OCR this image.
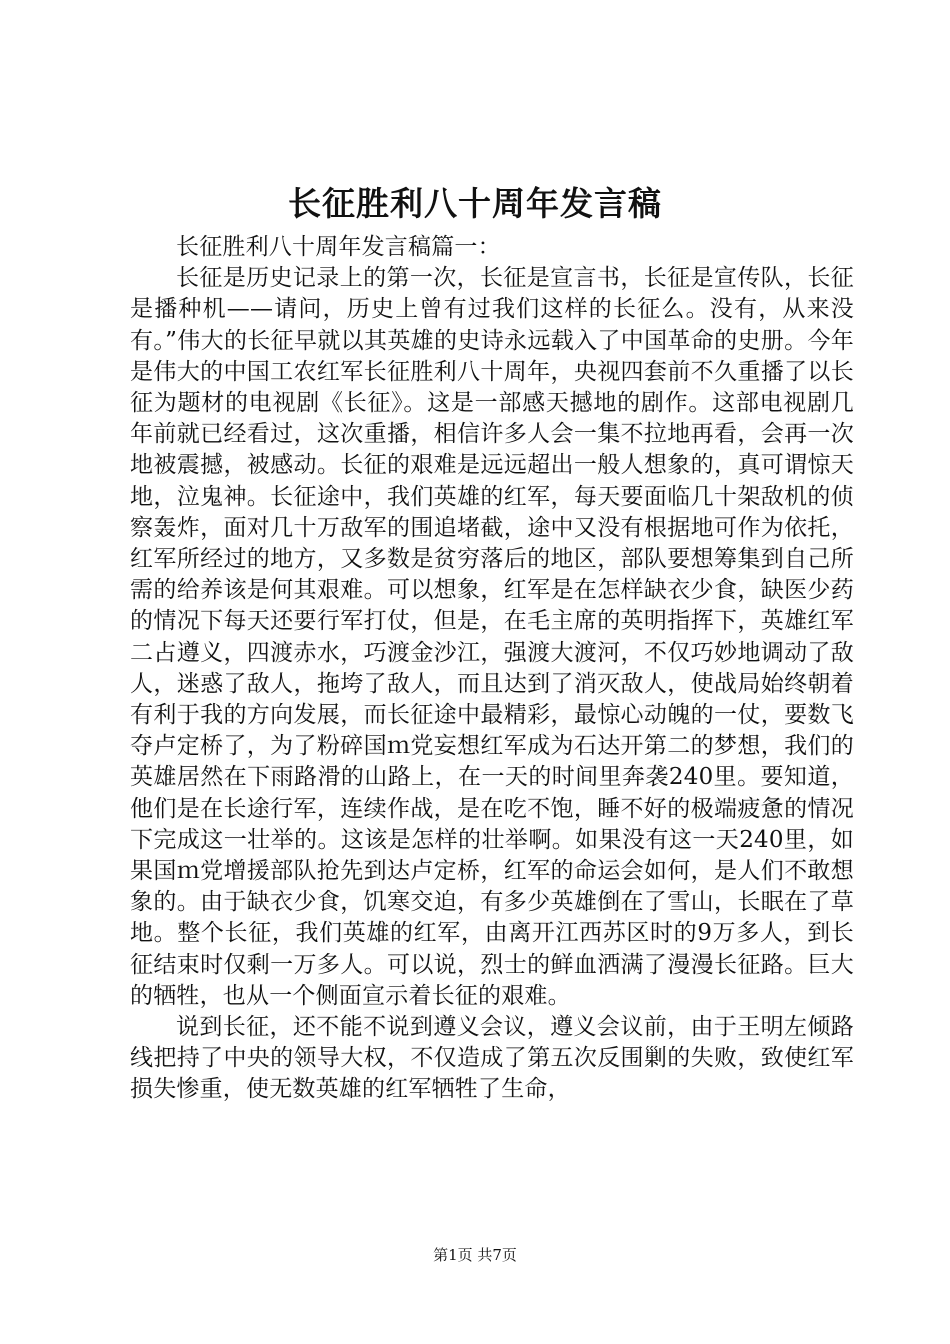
长征胜利八十周年发言稿

长征胜利八十周年发言稿篇一：

长征是历史记录上的第一次，长征是宣言书，长征是宣传队，长征是播种机——请问，历史上曾有过我们这样的长征么。没有，从来没有。”伟大的长征早就以其英雄的史诗永远载入了中国革命的史册。今年是伟大的中国工农红军长征胜利八十周年，央视四套前不久重播了以长征为题材的电视剧《长征》。这是一部感天撼地的剧作。这部电视剧几年前就已经看过，这次重播，相信许多人会一集不拉地再看，会再一次地被震撼，被感动。长征的艰难是远远超出一般人想象的，真可谓惊天地，泣鬼神。长征途中，我们英雄的红军，每天要面临几十架敌机的侦察轰炸，面对几十万敌军的围追堵截，途中又没有根据地可作为依托，红军所经过的地方，又多数是贫穷落后的地区，部队要想筹集到自己所需的给养该是何其艰难。可以想象，红军是在怎样缺衣少食，缺医少药的情况下每天还要行军打仗，但是，在毛主席的英明指挥下，英雄红军二占遵义，四渡赤水，巧渡金沙江，强渡大渡河，不仅巧妙地调动了敌人，迷惑了敌人，拖垮了敌人，而且达到了消灭敌人，使战局始终朝着有利于我的方向发展，而长征途中最精彩，最惊心动魄的一仗，要数飞夺卢定桥了，为了粉碎国ｍ党妄想红军成为石达开第二的梦想，我们的英雄居然在下雨路滑的山路上，在一天的时间里奔袭240里。要知道，他们是在长途行军，连续作战，是在吃不饱，睡不好的极端疲惫的情况下完成这一壮举的。这该是怎样的壮举啊。如果没有这一天240里，如果国ｍ党增援部队抢先到达卢定桥，红军的命运会如何，是人们不敢想象的。由于缺衣少食，饥寒交迫，有多少英雄倒在了雪山，长眠在了草地。整个长征，我们英雄的红军，由离开江西苏区时的9万多人，到长征结束时仅剩一万多人。可以说，烈士的鲜血洒满了漫漫长征路。巨大的牺牲，也从一个侧面宣示着长征的艰难。

说到长征，还不能不说到遵义会议，遵义会议前，由于王明左倾路线把持了中央的领导大权，不仅造成了第五次反围剿的失败，致使红军损失惨重，使无数英雄的红军牺牲了生命，

第1页 共7页
